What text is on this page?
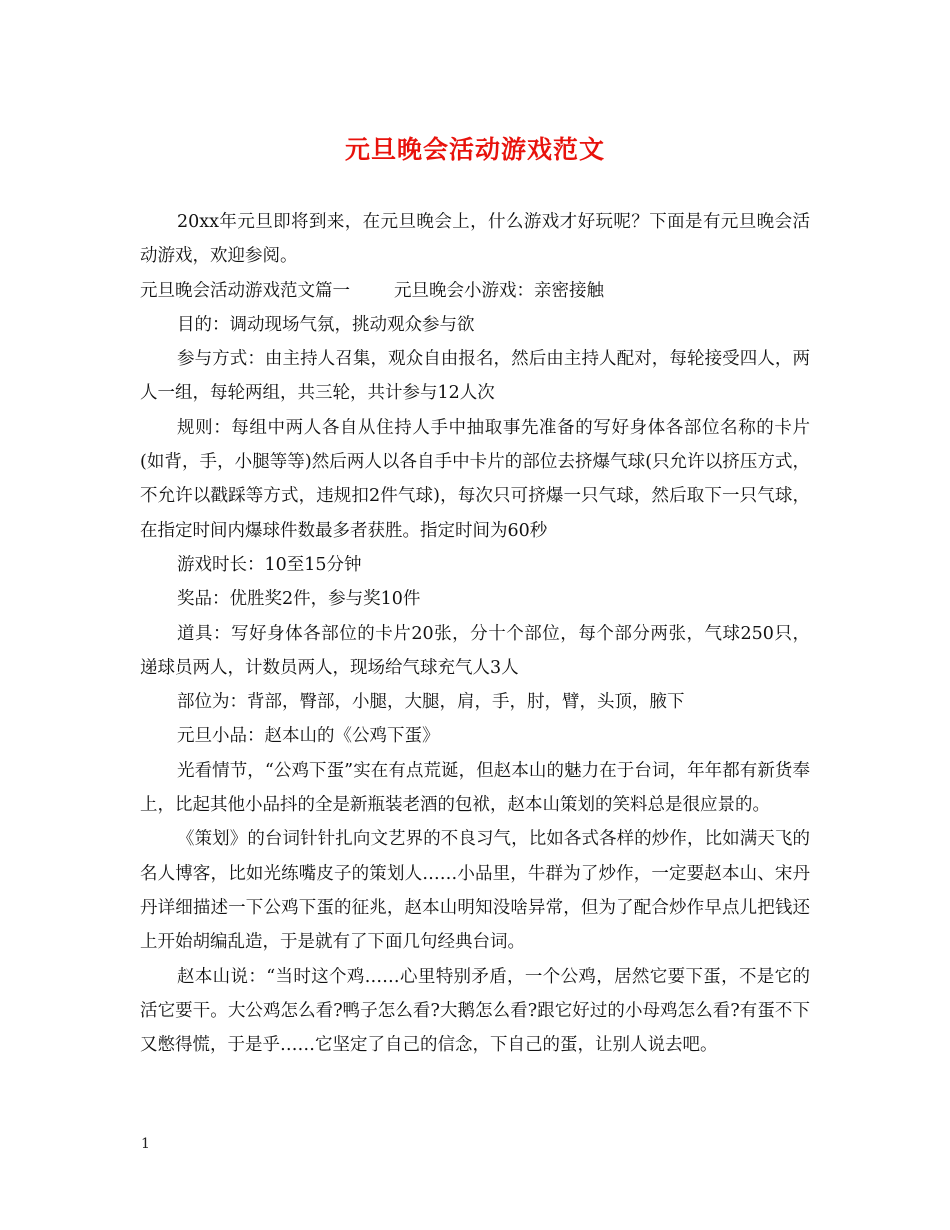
元旦晚会活动游戏范文

20xx年元旦即将到来，在元旦晚会上，什么游戏才好玩呢？下面是有元旦晚会活动游戏，欢迎参阅。

元旦晚会活动游戏范文篇一	元旦晚会小游戏：亲密接触

目的：调动现场气氛，挑动观众参与欲

参与方式：由主持人召集，观众自由报名，然后由主持人配对，每轮接受四人，两人一组，每轮两组，共三轮，共计参与12人次

规则：每组中两人各自从住持人手中抽取事先准备的写好身体各部位名称的卡片(如背，手，小腿等等)然后两人以各自手中卡片的部位去挤爆气球(只允许以挤压方式，不允许以戳踩等方式，违规扣2件气球)，每次只可挤爆一只气球，然后取下一只气球，在指定时间内爆球件数最多者获胜。指定时间为60秒

游戏时长：10至15分钟

奖品：优胜奖2件，参与奖10件

道具：写好身体各部位的卡片20张，分十个部位，每个部分两张，气球250只，递球员两人，计数员两人，现场给气球充气人3人

部位为：背部，臀部，小腿，大腿，肩，手，肘，臂，头顶，腋下

元旦小品：赵本山的《公鸡下蛋》

光看情节，“公鸡下蛋”实在有点荒诞，但赵本山的魅力在于台词，年年都有新货奉上，比起其他小品抖的全是新瓶装老酒的包袱，赵本山策划的笑料总是很应景的。

《策划》的台词针针扎向文艺界的不良习气，比如各式各样的炒作，比如满天飞的名人博客，比如光练嘴皮子的策划人……小品里，牛群为了炒作，一定要赵本山、宋丹丹详细描述一下公鸡下蛋的征兆，赵本山明知没啥异常，但为了配合炒作早点儿把钱还上开始胡编乱造，于是就有了下面几句经典台词。

赵本山说：“当时这个鸡……心里特别矛盾，一个公鸡，居然它要下蛋，不是它的活它要干。大公鸡怎么看?鸭子怎么看?大鹅怎么看?跟它好过的小母鸡怎么看?有蛋不下又憋得慌，于是乎……它坚定了自己的信念，下自己的蛋，让别人说去吧。

1
